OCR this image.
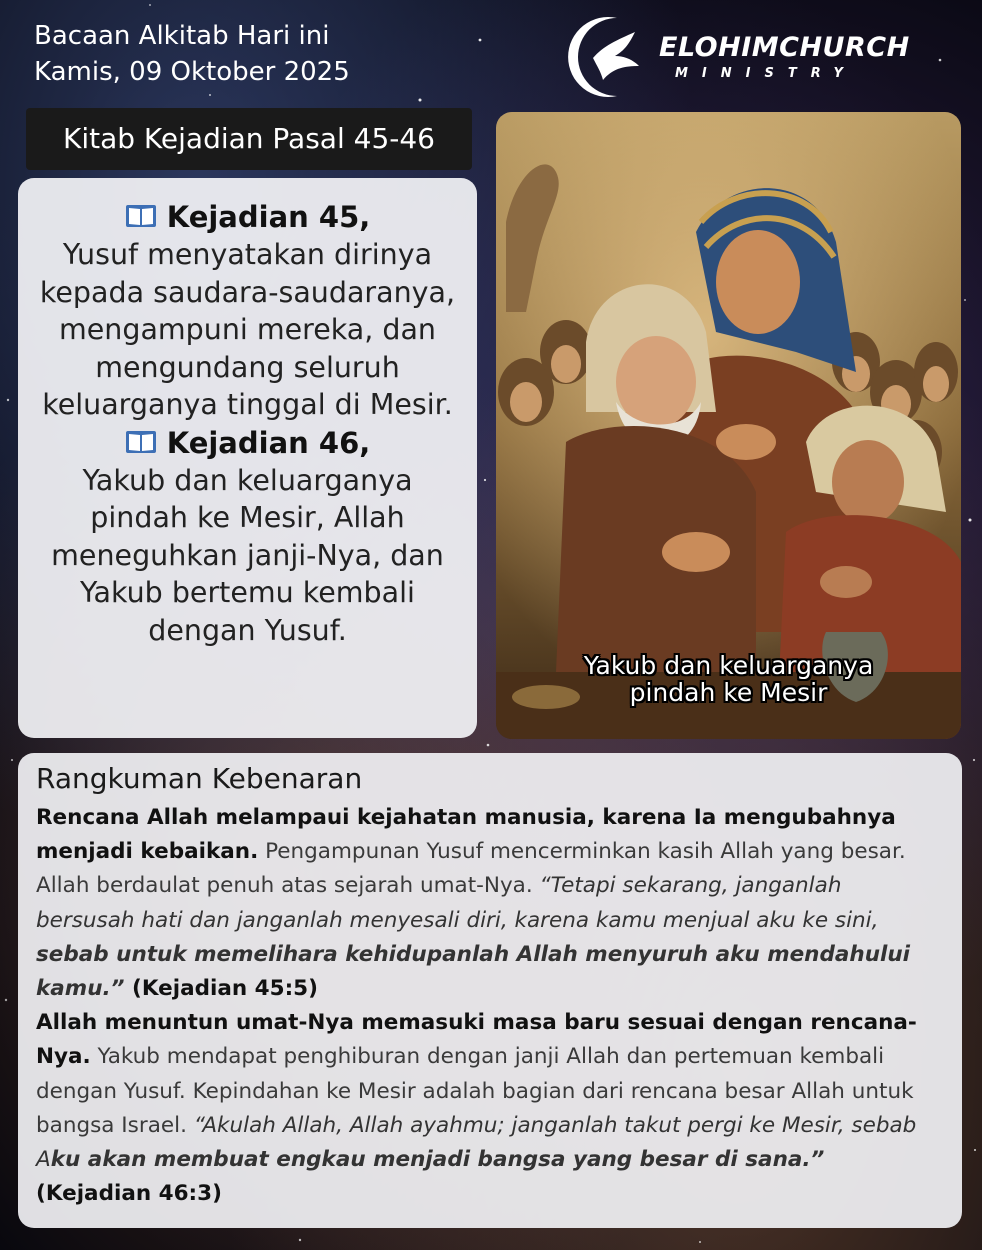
Bacaan Alkitab Hari ini
Kamis, 09 Oktober 2025
ELOHIMCHURCH
MINISTRY
Kitab Kejadian Pasal 45-46
Kejadian 45,
Yusuf menyatakan dirinya kepada saudara-saudaranya, mengampuni mereka, dan mengundang seluruh keluarganya tinggal di Mesir.
Kejadian 46,
Yakub dan keluarganya pindah ke Mesir, Allah meneguhkan janji-Nya, dan Yakub bertemu kembali dengan Yusuf.
Yakub dan keluarganya
pindah ke Mesir
Rangkuman Kebenaran

Rencana Allah melampaui kejahatan manusia, karena Ia mengubahnya menjadi kebaikan. Pengampunan Yusuf mencerminkan kasih Allah yang besar. Allah berdaulat penuh atas sejarah umat-Nya. “Tetapi sekarang, janganlah bersusah hati dan janganlah menyesali diri, karena kamu menjual aku ke sini, sebab untuk memelihara kehidupanlah Allah menyuruh aku mendahului kamu.” (Kejadian 45:5)

Allah menuntun umat-Nya memasuki masa baru sesuai dengan rencana-Nya. Yakub mendapat penghiburan dengan janji Allah dan pertemuan kembali dengan Yusuf. Kepindahan ke Mesir adalah bagian dari rencana besar Allah untuk bangsa Israel. “Akulah Allah, Allah ayahmu; janganlah takut pergi ke Mesir, sebab Aku akan membuat engkau menjadi bangsa yang besar di sana.” (Kejadian 46:3)
